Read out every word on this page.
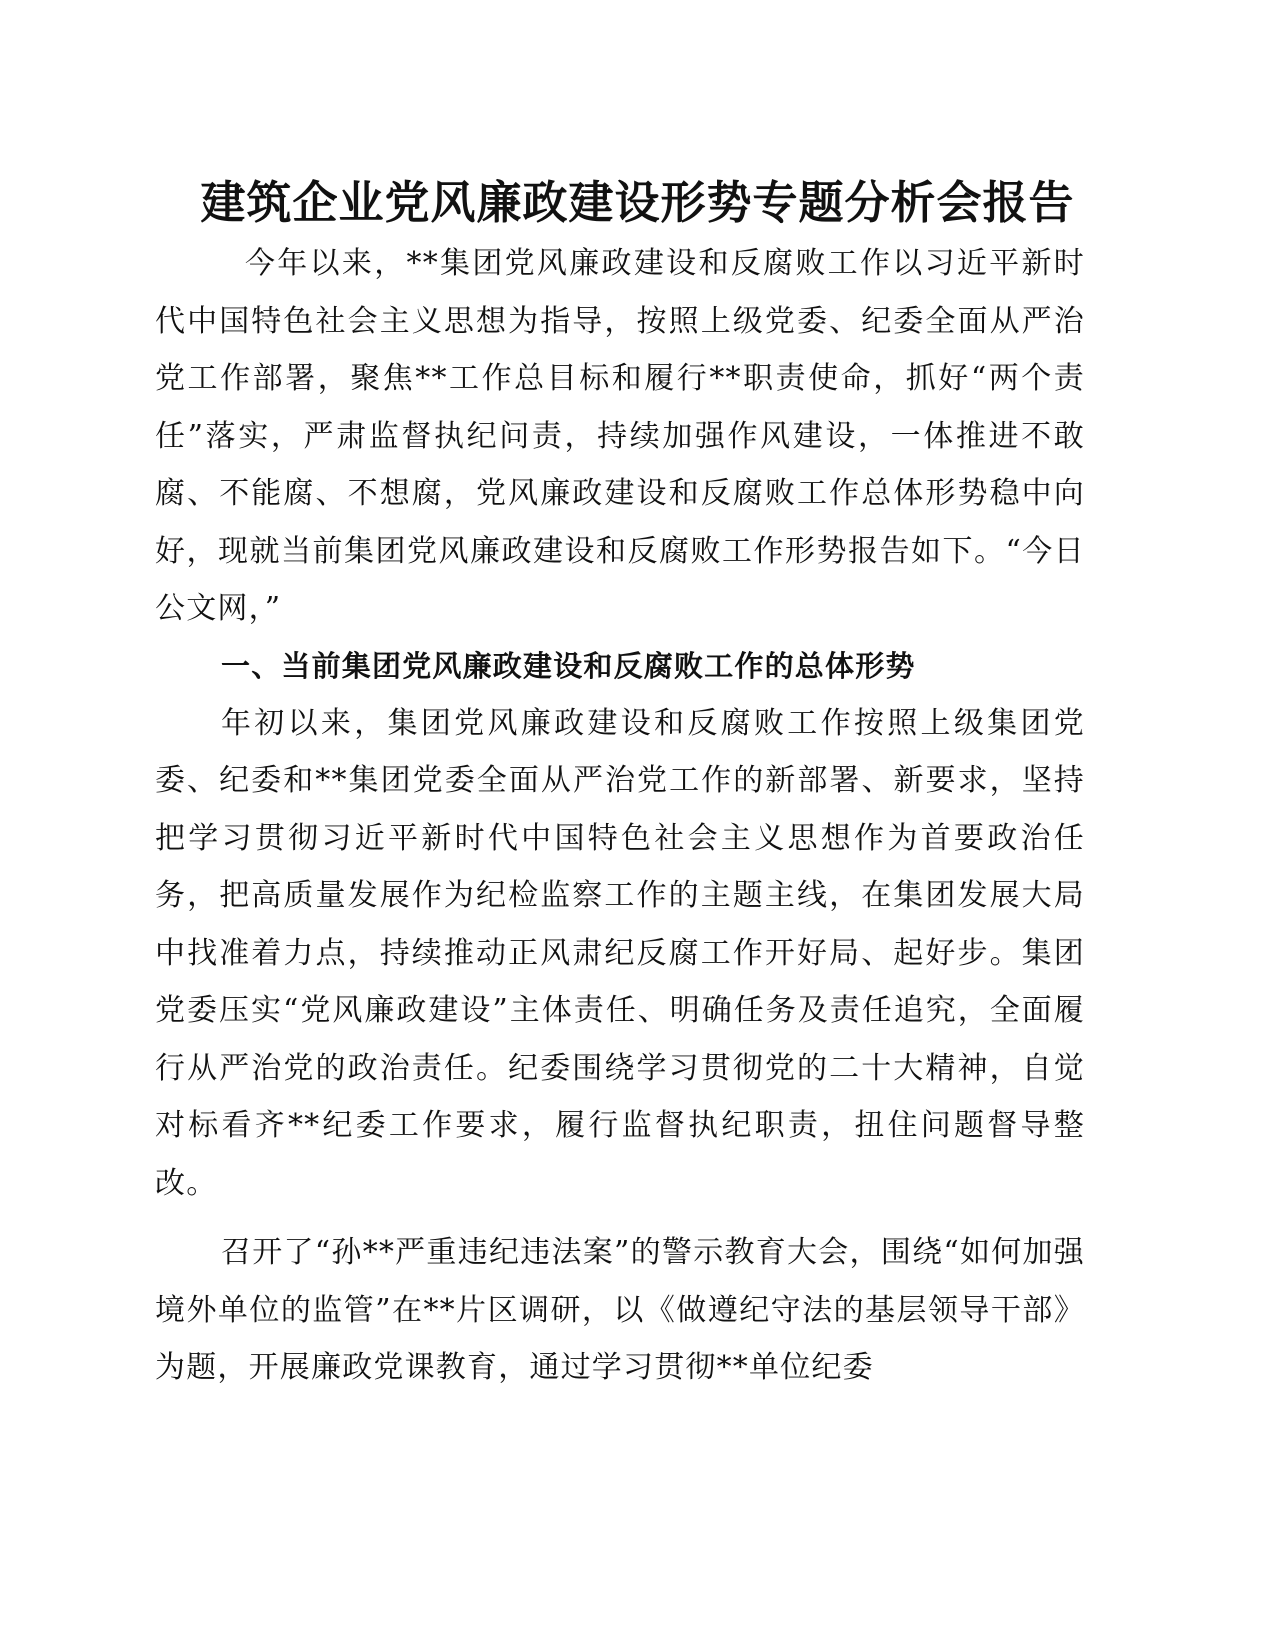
建筑企业党风廉政建设形势专题分析会报告

今年以来，**集团党风廉政建设和反腐败工作以习近平新时代中国特色社会主义思想为指导，按照上级党委、纪委全面从严治党工作部署，聚焦**工作总目标和履行**职责使命，抓好“两个责任”落实，严肃监督执纪问责，持续加强作风建设，一体推进不敢腐、不能腐、不想腐，党风廉政建设和反腐败工作总体形势稳中向好，现就当前集团党风廉政建设和反腐败工作形势报告如下。“今日公文网，”

一、当前集团党风廉政建设和反腐败工作的总体形势

年初以来，集团党风廉政建设和反腐败工作按照上级集团党委、纪委和**集团党委全面从严治党工作的新部署、新要求，坚持把学习贯彻习近平新时代中国特色社会主义思想作为首要政治任务，把高质量发展作为纪检监察工作的主题主线，在集团发展大局中找准着力点，持续推动正风肃纪反腐工作开好局、起好步。集团党委压实“党风廉政建设”主体责任、明确任务及责任追究，全面履行从严治党的政治责任。纪委围绕学习贯彻党的二十大精神，自觉对标看齐**纪委工作要求，履行监督执纪职责，扭住问题督导整改。

召开了“孙**严重违纪违法案”的警示教育大会，围绕“如何加强境外单位的监管”在**片区调研，以《做遵纪守法的基层领导干部》为题，开展廉政党课教育，通过学习贯彻**单位纪委
